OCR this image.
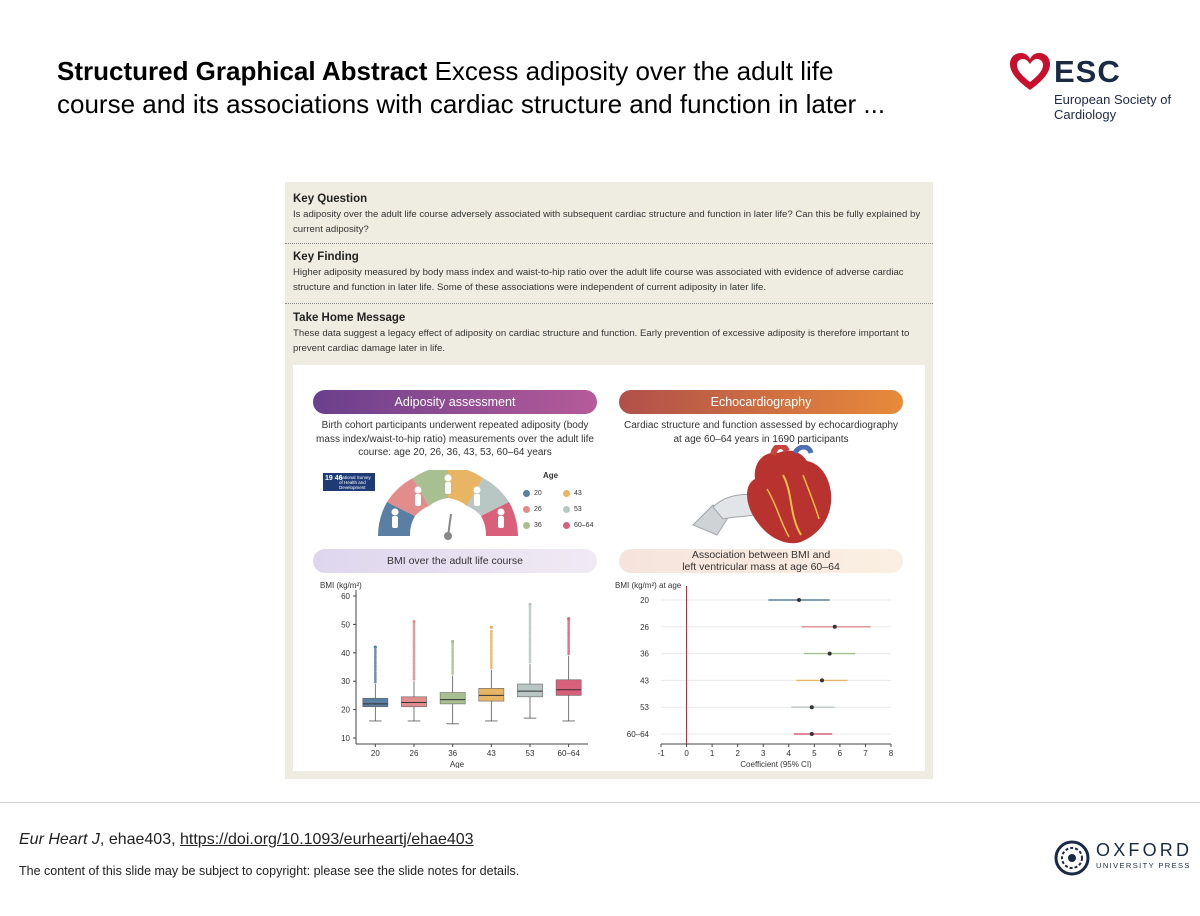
Structured Graphical Abstract Excess adiposity over the adult life course and its associations with cardiac structure and function in later ...
ESC
European Society of Cardiology
Key Question
Is adiposity over the adult life course adversely associated with subsequent cardiac structure and function in later life? Can this be fully explained by current adiposity?
Key Finding
Higher adiposity measured by body mass index and waist-to-hip ratio over the adult life course was associated with evidence of adverse cardiac structure and function in later life. Some of these associations were independent of current adiposity in later life.
Take Home Message
These data suggest a legacy effect of adiposity on cardiac structure and function. Early prevention of excessive adiposity is therefore important to prevent cardiac damage later in life.
Adiposity assessment
Birth cohort participants underwent repeated adiposity (body mass index/waist-to-hip ratio) measurements over the adult life course: age 20, 26, 36, 43, 53, 60–64 years
19 46
National Survey of Health and Development
Age
20	43
26	53
36	60–64
Echocardiography
Cardiac structure and function assessed by echocardiography at age 60–64 years in 1690 participants
BMI over the adult life course	Association between BMI and
left ventricular mass at age 60–64
BMI (kg/m²)
10
20
30
40
50
60
20	26	36	43	53	60–64
Age
BMI (kg/m²) at age
20
26
36
43
53
60–64
-1 0	1	2	3	4	5	6	7	8
Coefficient (95% CI)
Eur Heart J, ehae403, https://doi.org/10.1093/eurheartj/ehae403
The content of this slide may be subject to copyright: please see the slide notes for details.
OXFORD
UNIVERSITY PRESS
